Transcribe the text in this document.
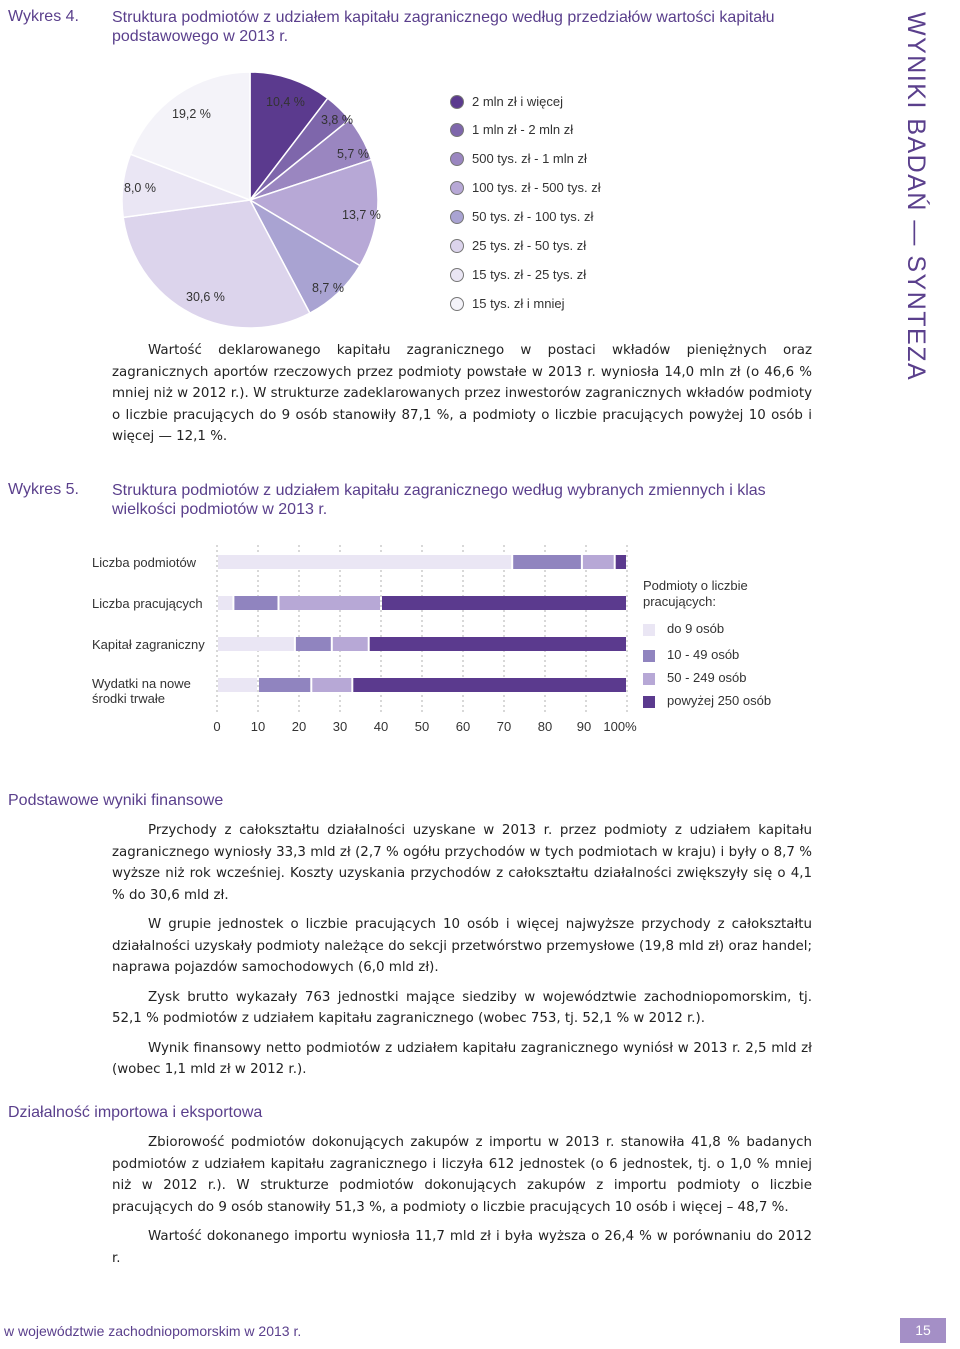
Wykres 4. Struktura podmiotów z udziałem kapitału zagranicznego według przedziałów wartości kapitału podstawowego w 2013 r.	WYNIKI BADAŃ — SYNTEZA
10,4 %
3,8 %
5,7 %
13,7 %
8,7 %
30,6 %
8,0 %
19,2 %
2 mln zł i więcej
1 mln zł - 2 mln zł
500 tys. zł - 1 mln zł
100 tys. zł - 500 tys. zł
50 tys. zł - 100 tys. zł
25 tys. zł - 50 tys. zł
15 tys. zł - 25 tys. zł
15 tys. zł i mniej

Wartość deklarowanego kapitału zagranicznego w postaci wkładów pieniężnych oraz zagranicznych aportów rzeczowych przez podmioty powstałe w 2013 r. wyniosła 14,0 mln zł (o 46,6 % mniej niż w 2012 r.). W strukturze zadeklarowanych przez inwestorów zagranicznych wkładów podmioty o liczbie pracujących do 9 osób stanowiły 87,1 %, a podmioty o liczbie pracujących powyżej 10 osób i więcej — 12,1 %.

Wykres 5. Struktura podmiotów z udziałem kapitału zagranicznego według wybranych zmiennych i klas wielkości podmiotów w 2013 r.
Liczba podmiotów
Liczba pracujących
Kapitał zagraniczny
Wydatki na nowe środki trwałe
0 10 20 30 40 50 60 70 80 90 100%
Podmioty o liczbie pracujących:
do 9 osób
10 - 49 osób
50 - 249 osób
powyżej 250 osób
Podstawowe wyniki finansowe

Przychody z całokształtu działalności uzyskane w 2013 r. przez podmioty z udziałem kapitału zagranicznego wyniosły 33,3 mld zł (2,7 % ogółu przychodów w tych podmiotach w kraju) i były o 8,7 % wyższe niż rok wcześniej. Koszty uzyskania przychodów z całokształtu działalności zwiększyły się o 4,1 % do 30,6 mld zł.

W grupie jednostek o liczbie pracujących 10 osób i więcej najwyższe przychody z całokształtu działalności uzyskały podmioty należące do sekcji przetwórstwo przemysłowe (19,8 mld zł) oraz handel; naprawa pojazdów samochodowych (6,0 mld zł).

Zysk brutto wykazały 763 jednostki mające siedziby w województwie zachodniopomorskim, tj. 52,1 % podmiotów z udziałem kapitału zagranicznego (wobec 753, tj. 52,1 % w 2012 r.).

Wynik finansowy netto podmiotów z udziałem kapitału zagranicznego wyniósł w 2013 r. 2,5 mld zł (wobec 1,1 mld zł w 2012 r.).

Działalność importowa i eksportowa

Zbiorowość podmiotów dokonujących zakupów z importu w 2013 r. stanowiła 41,8 % badanych podmiotów z udziałem kapitału zagranicznego i liczyła 612 jednostek (o 6 jednostek, tj. o 1,0 % mniej niż w 2012 r.). W strukturze podmiotów dokonujących zakupów z importu podmioty o liczbie pracujących do 9 osób stanowiły 51,3 %, a podmioty o liczbie pracujących 10 osób i więcej – 48,7 %.

Wartość dokonanego importu wyniosła 11,7 mld zł i była wyższa o 26,4 % w porównaniu do 2012 r.

w województwie zachodniopomorskim w 2013 r.	15
